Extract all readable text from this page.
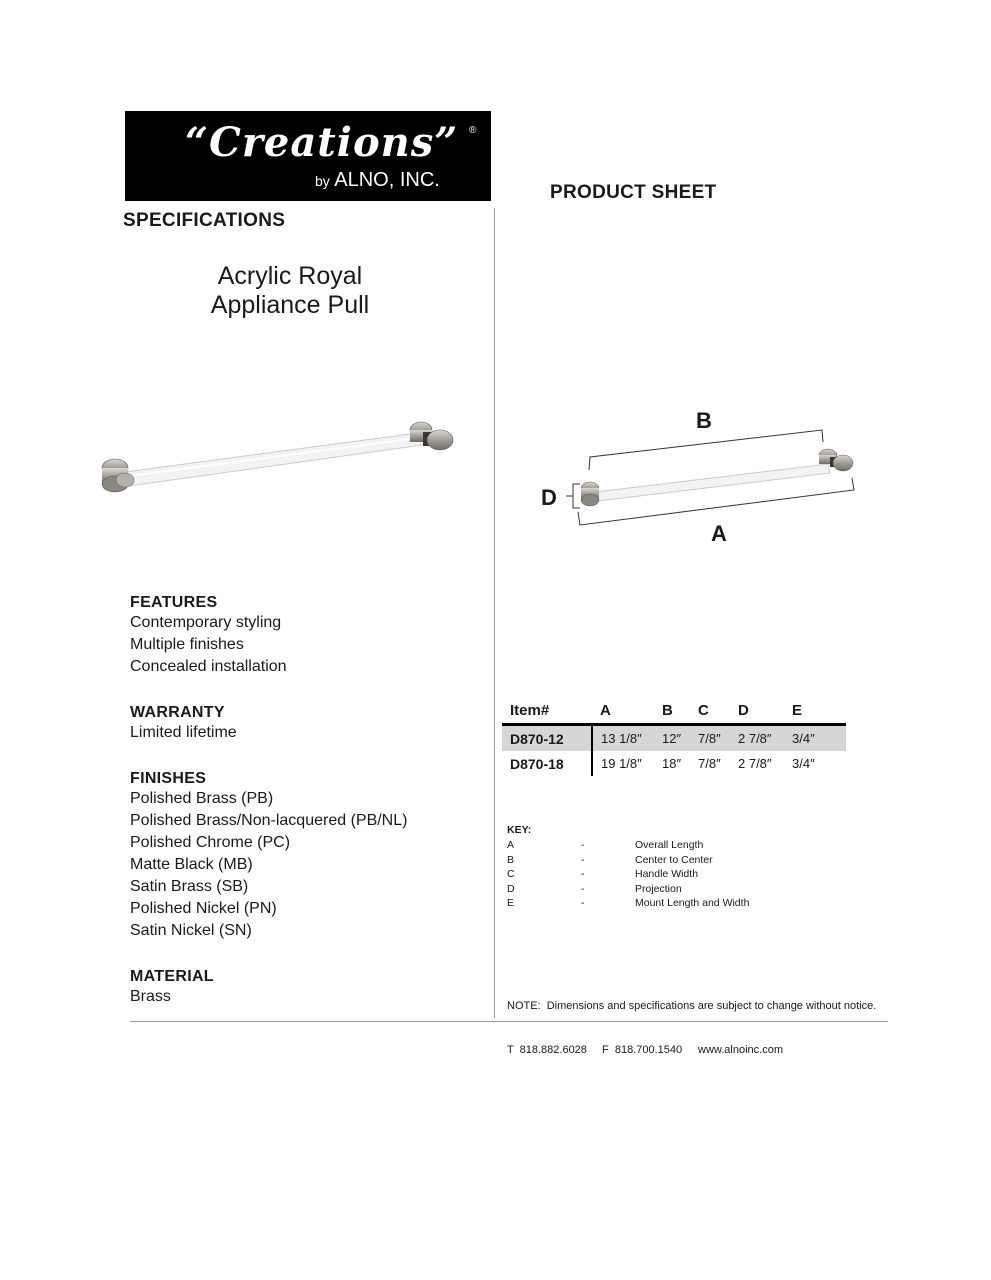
“Creations” ®
by ALNO, INC.
PRODUCT SHEET
SPECIFICATIONS
Acrylic Royal
Appliance Pull
B
A
D
FEATURES
Contemporary styling
Multiple finishes
Concealed installation
WARRANTY
Limited lifetime
FINISHES
Polished Brass (PB)
Polished Brass/Non-lacquered (PB/NL)
Polished Chrome (PC)
Matte Black (MB)
Satin Brass (SB)
Polished Nickel (PN)
Satin Nickel (SN)
MATERIAL
Brass
Item#	A	B	C	D	E
D870-12	13 1/8″	12″	7/8″	2 7/8″	3/4″
D870-18	19 1/8″	18″	7/8″	2 7/8″	3/4″
KEY:
A	-	Overall Length
B	-	Center to Center
C	-	Handle Width
D	-	Projection
E	-	Mount Length and Width
NOTE:  Dimensions and specifications are subject to change without notice.
T  818.882.6028 F  818.700.1540 www.alnoinc.com
